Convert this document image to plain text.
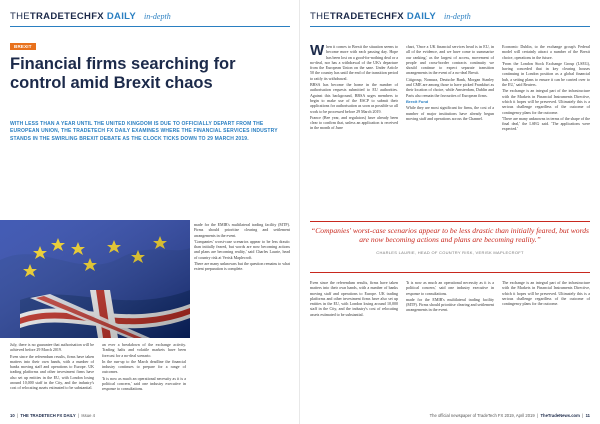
THETRADETECHFX DAILY in-depth
BREXIT
Financial firms searching for control amid Brexit chaos
WITH LESS THAN A YEAR UNTIL THE UNITED KINGDOM IS DUE TO OFFICIALLY DEPART FROM THE EUROPEAN UNION, THE TRADETECH FX DAILY EXAMINES WHERE THE FINANCIAL SERVICES INDUSTRY STANDS IN THE SWIRLING BREXIT DEBATE AS THE CLOCK TICKS DOWN TO 29 MARCH 2019.

July, there is no guarantee that authorisation will be achieved before 29 March 2019.

Even since the referendum results, firms have taken matters into their own hands, with a number of banks moving staff and operations to Europe. UK trading platforms and other investment firms have also set up entities in the EU, with London losing around 10,000 staff in the City, and the industry's cost of relocating assets estimated to be substantial.

an ever a breakdown of the exchange activity. Trading halts and volatile markets have been forecast for a no-deal scenario.

In the run-up to the March deadline the financial industry continues to prepare for a range of outcomes.

'It is now as much an operational necessity as it is a political concern,' said one industry executive in response to consultations.

made for the EMIR's multilateral trading facility (MTF). Firms should prioritise clearing and settlement arrangements in the event.

'Companies' worst-case scenarios appear to be less drastic than initially feared, but words are now becoming actions and plans are becoming reality,' said Charles Laurie, head of country risk at Verisk Maplecroft.

There are many unknowns but the question remains to what extent preparation is complete.

10  |  THE TRADETECH FX DAILY  |  Issue 4
THETRADETECHFX DAILY in-depth

When it comes to Brexit the situation seems to become more with each passing day. Hope has been lost on a good-for-nothing deal or a no-deal, nor has a withdrawal of the UK's departure from the European Union on the sane. Under Article 50 the country has until the end of the transition period to ratify its withdrawal.

BBSA has become the home in the number of authorisation requests submitted to EU authorities. Against this background, BBSA urges members to begin to make use of the ESCP to submit their applications for authorisation as soon as possible so all work to be processed before 29 March 2019.

France (Bee year, and regulators) have already been clear to confirm that, unless an application is received in the month of June

chart, 'Once a UK financial services head is in EU, in all of the evidence, and we have come to summarise our ranking,' as the largest of access, movement of people and cross-border contracts continuity we should continue to expect separate transition arrangements in the event of a no-deal Brexit.

Citigroup, Nomura, Deutsche Bank, Morgan Stanley and CME are among those to have picked Frankfurt as their location of choice, while Amsterdam, Dublin and Paris also remain the favourites of European firms.

Brexit Fund

While they are most significant for firms, the cost of a number of major institutions have already begun moving staff and operations across the Channel.

Economic Dublin, to the exchange group's Federal model will certainly attract a number of the Brexit choice, operations in the future.

'From the London Stock Exchange Group (LSEG), having conceded that in key clearing houses continuing in London position as a global financial hub, a setting plans to ensure it can be carried over to the EU,' said Reuters.

The exchange is an integral part of the infrastructure with the Markets in Financial Instruments Directive, which it hopes will be preserved. Ultimately this is a serious challenge regardless of the outcome of contingency plans for the outcome.

'There are many unknowns in terms of the shape of the final deal,' the LSEG said. 'The applications were expected.'

The official newspaper of TradeTech FX 2019, April 2019  |  TheTradeNews.com  |  11
“Companies' worst-case scenarios appear to be less drastic than initially feared, but words are now becoming actions and plans are becoming reality.”
CHARLES LAURIE, HEAD OF COUNTRY RISK, VERISK MAPLECROFT

Even since the referendum results, firms have taken matters into their own hands, with a number of banks moving staff and operations to Europe. UK trading platforms and other investment firms have also set up entities in the EU, with London losing around 10,000 staff in the City, and the industry's cost of relocating assets estimated to be substantial.

'It is now as much an operational necessity as it is a political concern,' said one industry executive in response to consultations.

made for the EMIR's multilateral trading facility (MTF). Firms should prioritise clearing and settlement arrangements in the event.

The exchange is an integral part of the infrastructure with the Markets in Financial Instruments Directive, which it hopes will be preserved. Ultimately this is a serious challenge regardless of the outcome of contingency plans for the outcome.
